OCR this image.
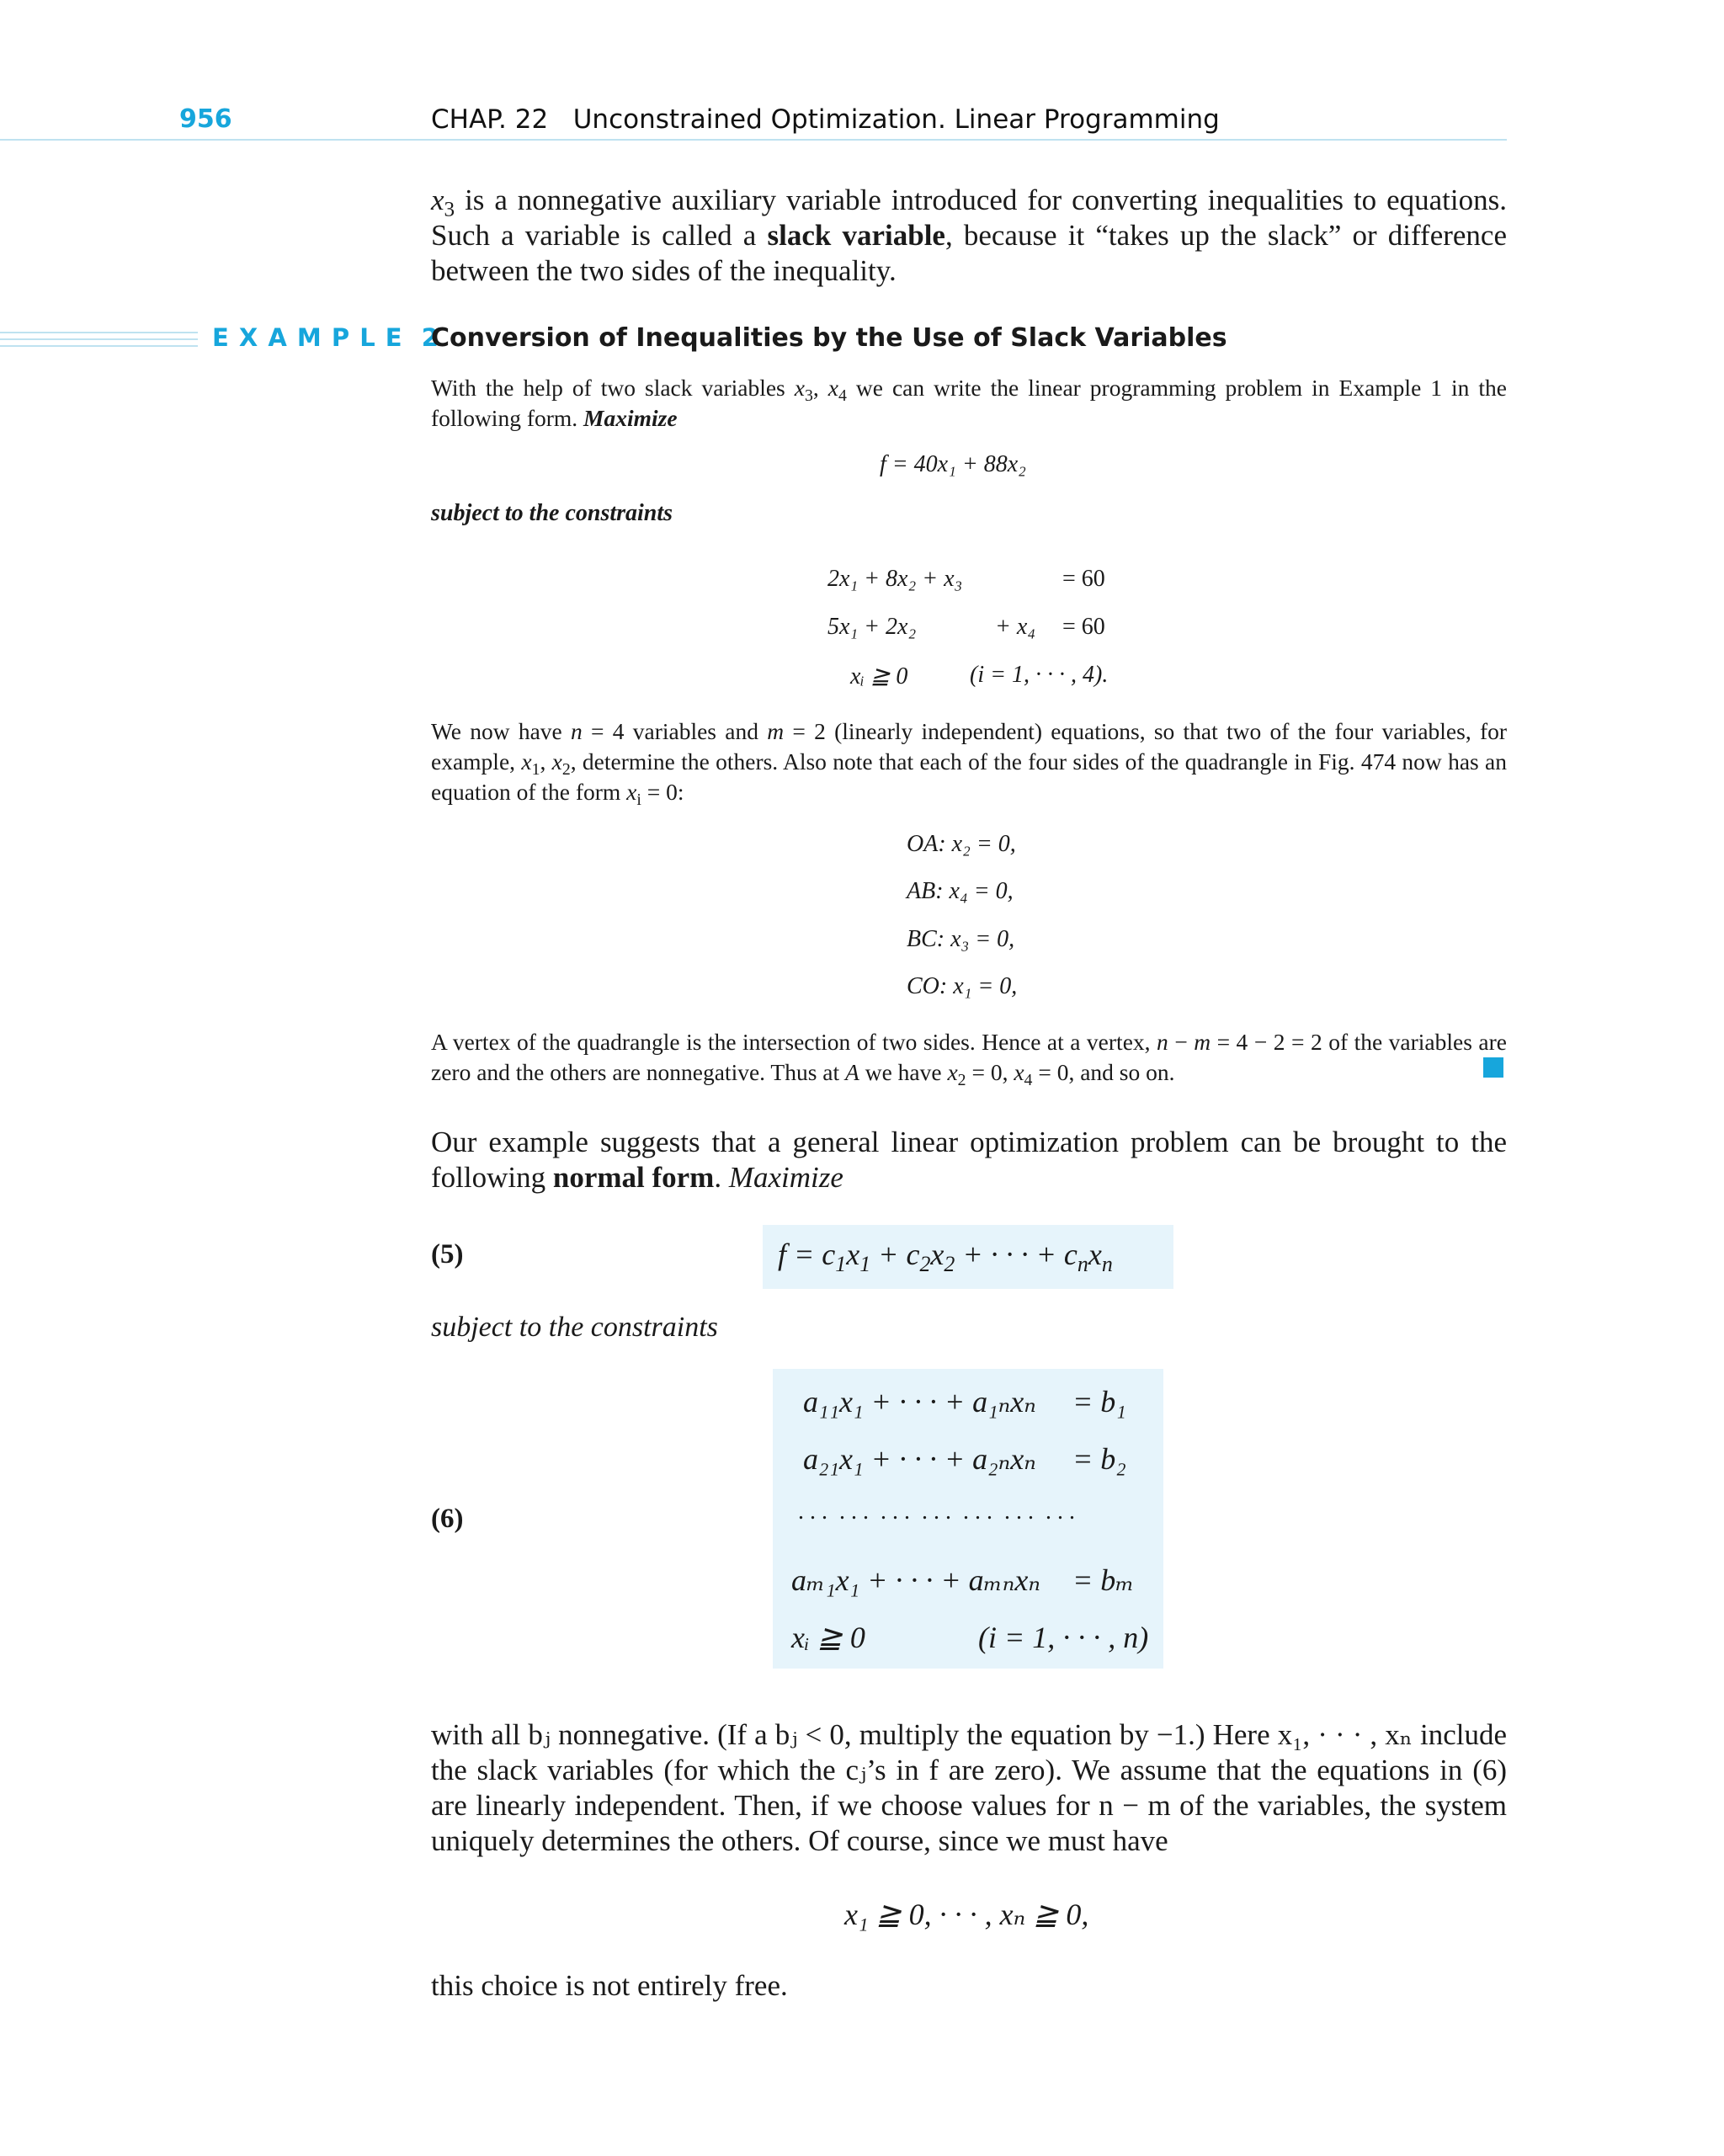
956	CHAP. 22   Unconstrained Optimization. Linear Programming
$x_3$ is a nonnegative auxiliary variable introduced for converting inequalities to equations.
Such a variable is called a slack variable, because it “takes up the slack” or difference
between the two sides of the inequality.
E X A M P L E  2
Conversion of Inequalities by the Use of Slack Variables
With the help of two slack variables $x_3$, $x_4$ we can write the linear programming problem in Example 1 in the following form. Maximize
f = 40x₁ + 88x₂
subject to the constraints
2x₁ + 8x₂ + x₃	= 60
5x₁ + 2x₂	+ x₄ = 60
xᵢ ≧ 0	(i = 1, · · · , 4).
We now have n = 4 variables and m = 2 (linearly independent) equations, so that two of the four variables, for example, $x_1$, $x_2$, determine the others. Also note that each of the four sides of the quadrangle in Fig. 474 now has an equation of the form $x_i = 0$:
OA: x₂ = 0,
AB: x₄ = 0,
BC: x₃ = 0,
CO: x₁ = 0,
A vertex of the quadrangle is the intersection of two sides. Hence at a vertex, n − m = 4 − 2 = 2 of the variables are zero and the others are nonnegative. Thus at A we have $x_2 = 0$, $x_4 = 0$, and so on.
Our example suggests that a general linear optimization problem can be brought to the following normal form. Maximize
(5)	$f = c_1x_1 + c_2x_2$ + · · · + $c_nx_n$
subject to the constraints
(6)
a₁₁x₁ + · · · + a₁ₙxₙ = b₁
a₂₁x₁ + · · · + a₂ₙxₙ = b₂
. . .  . . .  . . .  . . .  . . .  . . .  . . .
aₘ₁x₁ + · · · + aₘₙxₙ = bₘ
xᵢ ≧ 0	(i = 1, · · · , n)
with all bⱼ nonnegative. (If a bⱼ < 0, multiply the equation by −1.) Here x₁, · · · , xₙ include
the slack variables (for which the cⱼ’s in f are zero). We assume that the equations in (6)
are linearly independent. Then, if we choose values for n − m of the variables, the system
uniquely determines the others. Of course, since we must have
x₁ ≧ 0, · · · , xₙ ≧ 0,
this choice is not entirely free.
